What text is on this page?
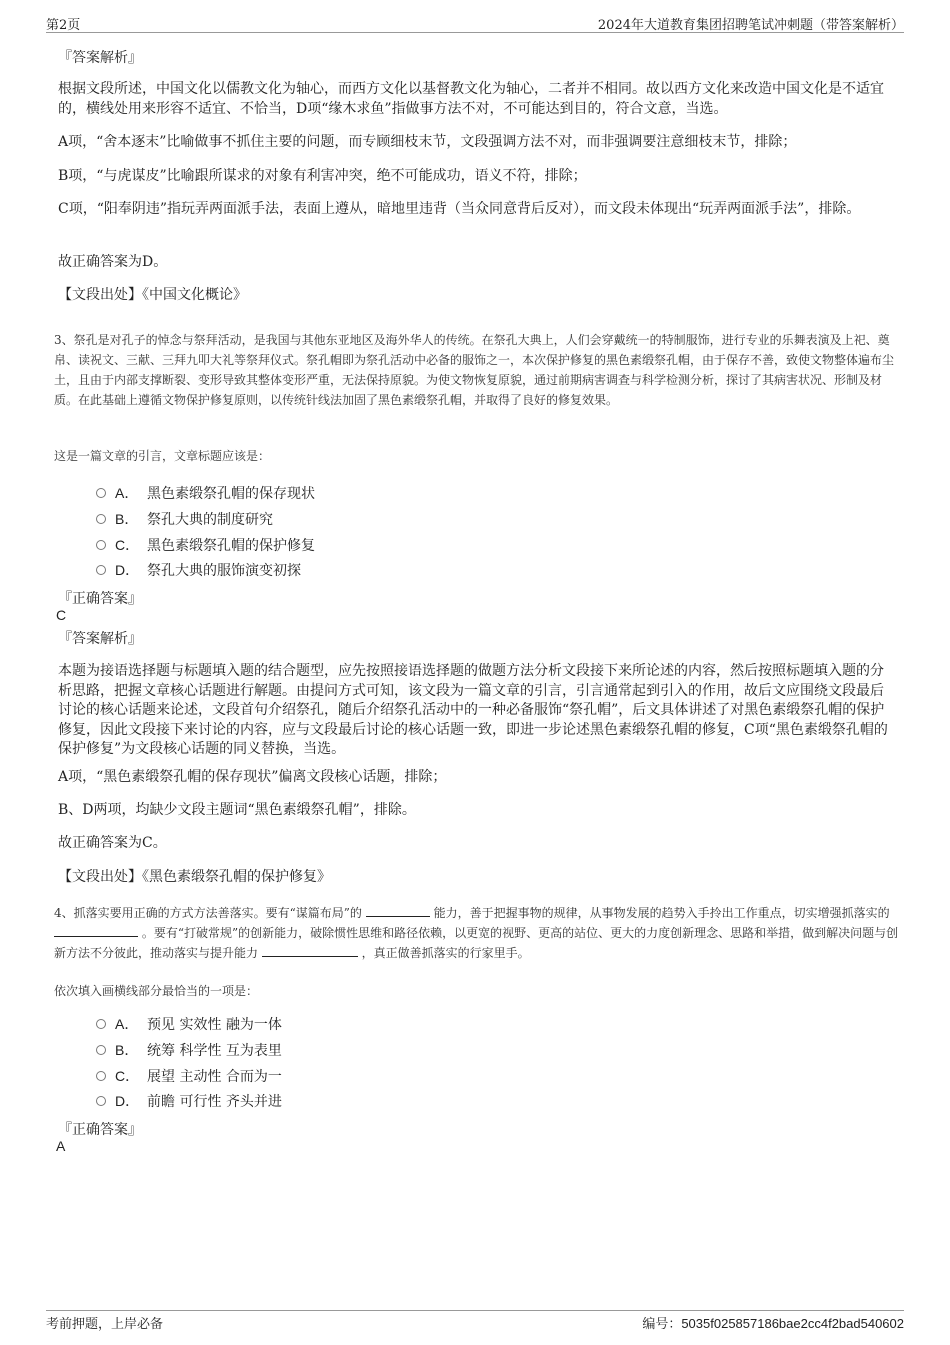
第2页	2024年大道教育集团招聘笔试冲刺题（带答案解析）
『答案解析』
根据文段所述，中国文化以儒教文化为轴心，而西方文化以基督教文化为轴心，二者并不相同。故以西方文化来改造中国文化是不适宜的，横线处用来形容不适宜、不恰当，D项“缘木求鱼”指做事方法不对，不可能达到目的，符合文意，当选。
A项，“舍本逐末”比喻做事不抓住主要的问题，而专顾细枝末节，文段强调方法不对，而非强调要注意细枝末节，排除；
B项，“与虎谋皮”比喻跟所谋求的对象有利害冲突，绝不可能成功，语义不符，排除；
C项，“阳奉阴违”指玩弄两面派手法，表面上遵从，暗地里违背（当众同意背后反对），而文段未体现出“玩弄两面派手法”，排除。
故正确答案为D。
【文段出处】《中国文化概论》
3、祭孔是对孔子的悼念与祭拜活动，是我国与其他东亚地区及海外华人的传统。在祭孔大典上，人们会穿戴统一的特制服饰，进行专业的乐舞表演及上祀、奠帛、读祝文、三献、三拜九叩大礼等祭拜仪式。祭孔帽即为祭孔活动中必备的服饰之一，本次保护修复的黑色素缎祭孔帽，由于保存不善，致使文物整体遍布尘土，且由于内部支撑断裂、变形导致其整体变形严重，无法保持原貌。为使文物恢复原貌，通过前期病害调查与科学检测分析，探讨了其病害状况、形制及材质。在此基础上遵循文物保护修复原则，以传统针线法加固了黑色素缎祭孔帽，并取得了良好的修复效果。
这是一篇文章的引言，文章标题应该是：
A． 黑色素缎祭孔帽的保存现状
B． 祭孔大典的制度研究
C． 黑色素缎祭孔帽的保护修复
D． 祭孔大典的服饰演变初探
『正确答案』
C
『答案解析』
本题为接语选择题与标题填入题的结合题型，应先按照接语选择题的做题方法分析文段接下来所论述的内容，然后按照标题填入题的分析思路，把握文章核心话题进行解题。由提问方式可知，该文段为一篇文章的引言，引言通常起到引入的作用，故后文应围绕文段最后讨论的核心话题来论述，文段首句介绍祭孔，随后介绍祭孔活动中的一种必备服饰“祭孔帽”，后文具体讲述了对黑色素缎祭孔帽的保护修复，因此文段接下来讨论的内容，应与文段最后讨论的核心话题一致，即进一步论述黑色素缎祭孔帽的修复，C项“黑色素缎祭孔帽的保护修复”为文段核心话题的同义替换，当选。
A项，“黑色素缎祭孔帽的保存现状”偏离文段核心话题，排除；
B、D两项，均缺少文段主题词“黑色素缎祭孔帽”，排除。
故正确答案为C。
【文段出处】《黑色素缎祭孔帽的保护修复》
4、抓落实要用正确的方式方法善落实。要有“谋篇布局”的	能力，善于把握事物的规律，从事物发展的趋势入手拎出工作重点，切实增强抓落实的  。要有“打破常规”的创新能力，破除惯性思维和路径依赖，以更宽的视野、更高的站位、更大的力度创新理念、思路和举措，做到解决问题与创新方法不分彼此，推动落实与提升能力	，真正做善抓落实的行家里手。
依次填入画横线部分最恰当的一项是：
A． 预见 实效性 融为一体
B． 统筹 科学性 互为表里
C． 展望 主动性 合而为一
D． 前瞻 可行性 齐头并进
『正确答案』
A
考前押题，上岸必备	编号：5035f025857186bae2cc4f2bad540602
